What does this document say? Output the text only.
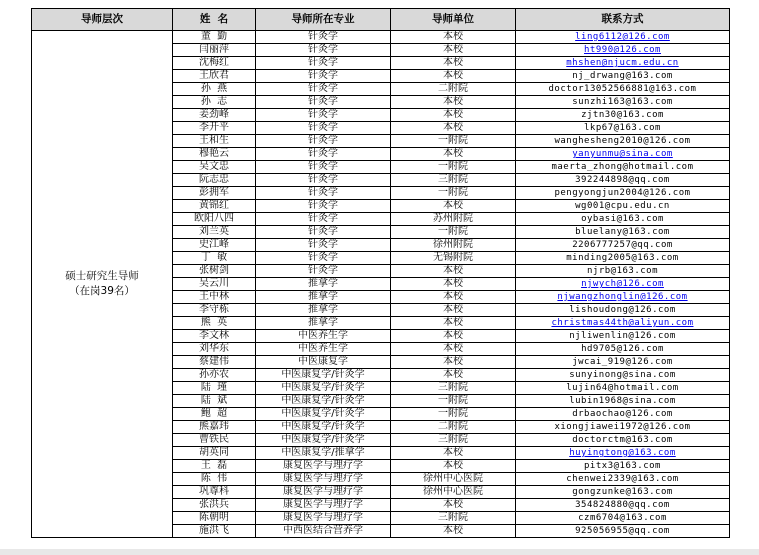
导师层次	姓  名	导师所在专业	导师单位	联系方式

硕士研究生导师
（在岗39名）	董  勤	针灸学	本校	ling6112@126.com
	闫丽萍	针灸学	本校	ht990@126.com
	沈梅红	针灸学	本校	mhshen@njucm.edu.cn
	王欣君	针灸学	本校	nj_drwang@163.com
	孙  燕	针灸学	二附院	doctor13052566881@163.com
	孙  志	针灸学	本校	sunzhi163@163.com
	姜劲峰	针灸学	本校	zjtn30@163.com
	李开平	针灸学	本校	lkp67@163.com
	王和生	针灸学	一附院	wanghesheng2010@126.com
	穆艳云	针灸学	本校	yanyunmu@sina.com
	吴文忠	针灸学	一附院	maerta_zhong@hotmail.com
	阮志忠	针灸学	三附院	392244898@qq.com
	彭拥军	针灸学	一附院	pengyongjun2004@126.com
	黄锦红	针灸学	本校	wg001@cpu.edu.cn
	欧阳八四	针灸学	苏州附院	oybasi@163.com
	刘兰英	针灸学	一附院	bluelany@163.com
	史江峰	针灸学	徐州附院	2206777257@qq.com
	丁  敏	针灸学	无锡附院	minding2005@163.com
	张树剑	针灸学	本校	njrb@163.com
	吴云川	推拿学	本校	njwych@126.com
	王中林	推拿学	本校	njwangzhonglin@126.com
	李守栋	推拿学	本校	lishoudong@126.com
	熊  英	推拿学	本校	christmas44th@aliyun.com
	李文林	中医养生学	本校	njliwenlin@126.com
	刘华东	中医养生学	本校	hd9705@126.com
	蔡建伟	中医康复学	本校	jwcai_919@126.com
	孙亦农	中医康复学/针灸学	本校	sunyinong@sina.com
	陆  瑾	中医康复学/针灸学	三附院	lujin64@hotmail.com
	陆  斌	中医康复学/针灸学	一附院	lubin1968@sina.com
	鲍  超	中医康复学/针灸学	一附院	drbaochao@126.com
	熊嘉玮	中医康复学/针灸学	二附院	xiongjiawei1972@126.com
	曹铁民	中医康复学/针灸学	三附院	doctorctm@163.com
	胡英同	中医康复学/推拿学	本校	huyingtong@163.com
	王  磊	康复医学与理疗学	本校	pitx3@163.com
	陈  伟	康复医学与理疗学	徐州中心医院	chenwei2339@163.com
	巩尊科	康复医学与理疗学	徐州中心医院	gongzunke@163.com
	张洪兵	康复医学与理疗学	本校	354824880@qq.com
	陈朝明	康复医学与理疗学	三附院	czm6704@163.com
	施洪飞	中西医结合营养学	本校	925056955@qq.com
